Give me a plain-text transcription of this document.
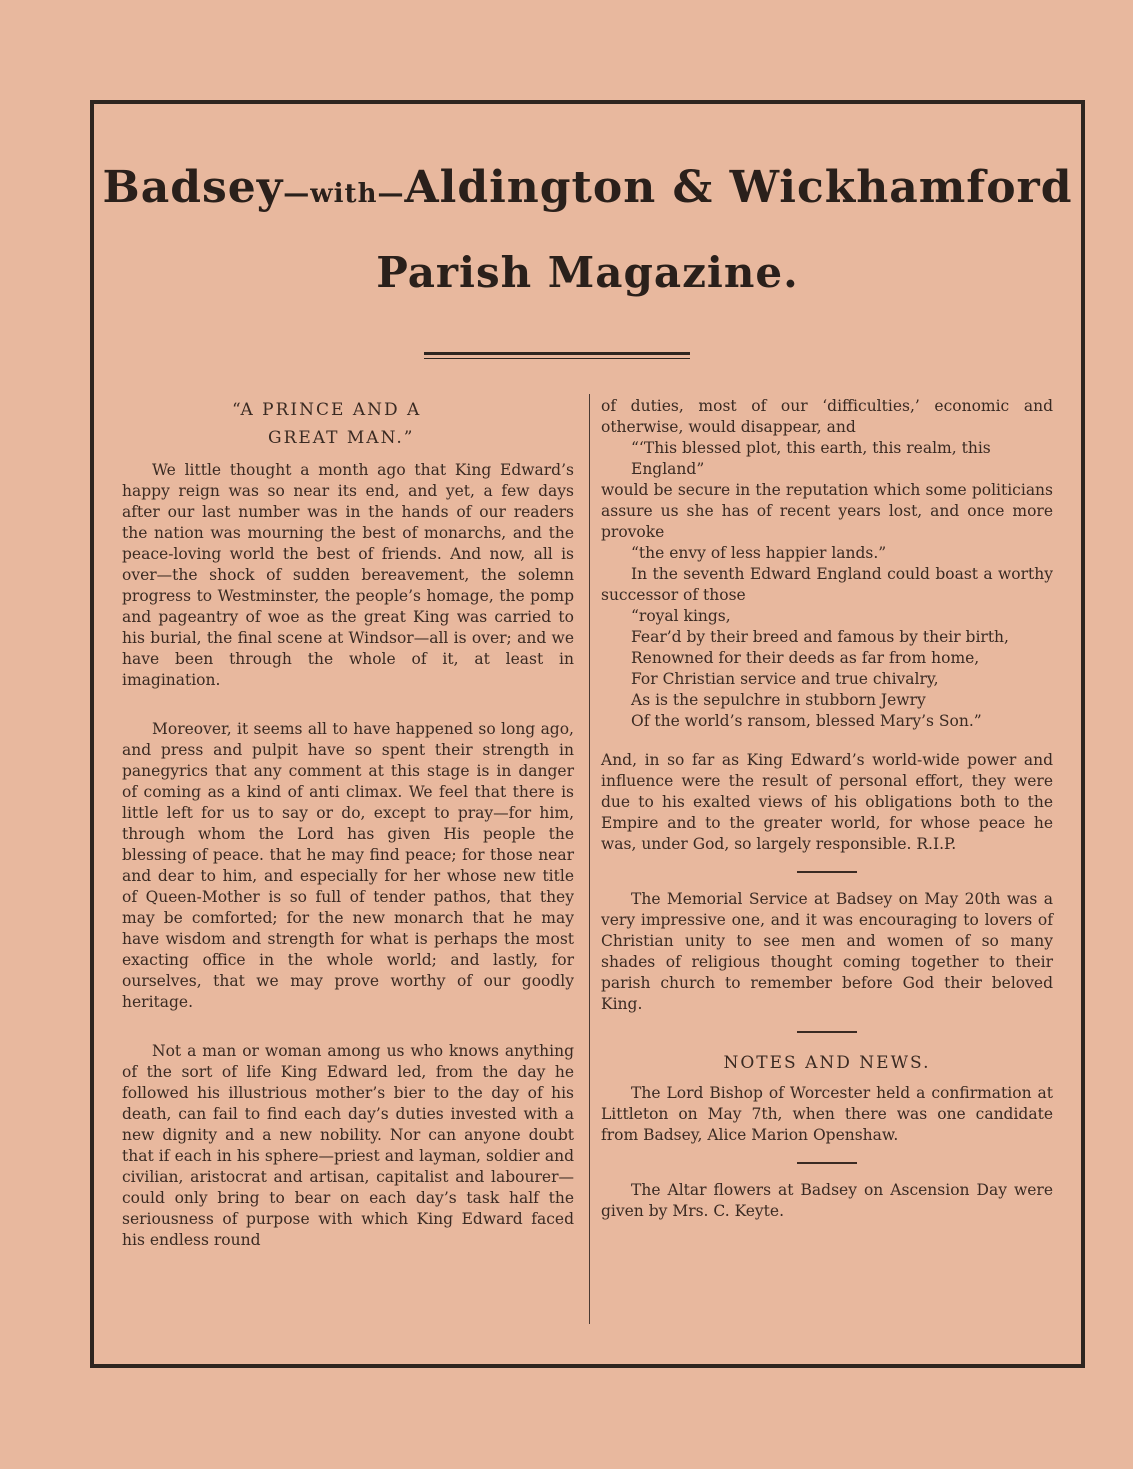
Badsey—with—Aldington & Wickhamford
Parish Magazine.
“A PRINCE AND A
GREAT MAN.”

We little thought a month ago that King Edward’s happy reign was so near its end, and yet, a few days after our last number was in the hands of our readers the nation was mourning the best of monarchs, and the peace-loving world the best of friends. And now, all is over—the shock of sudden bereavement, the solemn progress to Westminster, the people’s homage, the pomp and pageantry of woe as the great King was carried to his burial, the final scene at Windsor—all is over; and we have been through the whole of it, at least in imagination.

Moreover, it seems all to have happened so long ago, and press and pulpit have so spent their strength in panegyrics that any comment at this stage is in danger of coming as a kind of anti climax. We feel that there is little left for us to say or do, except to pray—for him, through whom the Lord has given His people the blessing of peace. that he may find peace; for those near and dear to him, and especially for her whose new title of Queen-Mother is so full of tender pathos, that they may be comforted; for the new monarch that he may have wisdom and strength for what is perhaps the most exacting office in the whole world; and lastly, for ourselves, that we may prove worthy of our goodly heritage.

Not a man or woman among us who knows anything of the sort of life King Edward led, from the day he followed his illustrious mother’s bier to the day of his death, can fail to find each day’s duties invested with a new dignity and a new nobility. Nor can anyone doubt that if each in his sphere—priest and layman, soldier and civilian, aristocrat and artisan, capitalist and labourer—could only bring to bear on each day’s task half the seriousness of purpose with which King Edward faced his endless round

of duties, most of our ‘difficulties,’ economic and otherwise, would disappear, and

“‘This blessed plot, this earth, this realm, this

England”

would be secure in the reputation which some politicians assure us she has of recent years lost, and once more provoke

“the envy of less happier lands.”

In the seventh Edward England could boast a worthy successor of those

“royal kings,

Fear’d by their breed and famous by their birth,

Renowned for their deeds as far from home,

For Christian service and true chivalry,

As is the sepulchre in stubborn Jewry

Of the world’s ransom, blessed Mary’s Son.”

And, in so far as King Edward’s world-wide power and influence were the result of personal effort, they were due to his exalted views of his obligations both to the Empire and to the greater world, for whose peace he was, under God, so largely responsible. R.I.P.

The Memorial Service at Badsey on May 20th was a very impressive one, and it was encouraging to lovers of Christian unity to see men and women of so many shades of religious thought coming together to their parish church to remember before God their beloved King.

NOTES AND NEWS.

The Lord Bishop of Worcester held a confirmation at Littleton on May 7th, when there was one candidate from Badsey, Alice Marion Openshaw.

The Altar flowers at Badsey on Ascension Day were given by Mrs. C. Keyte.
